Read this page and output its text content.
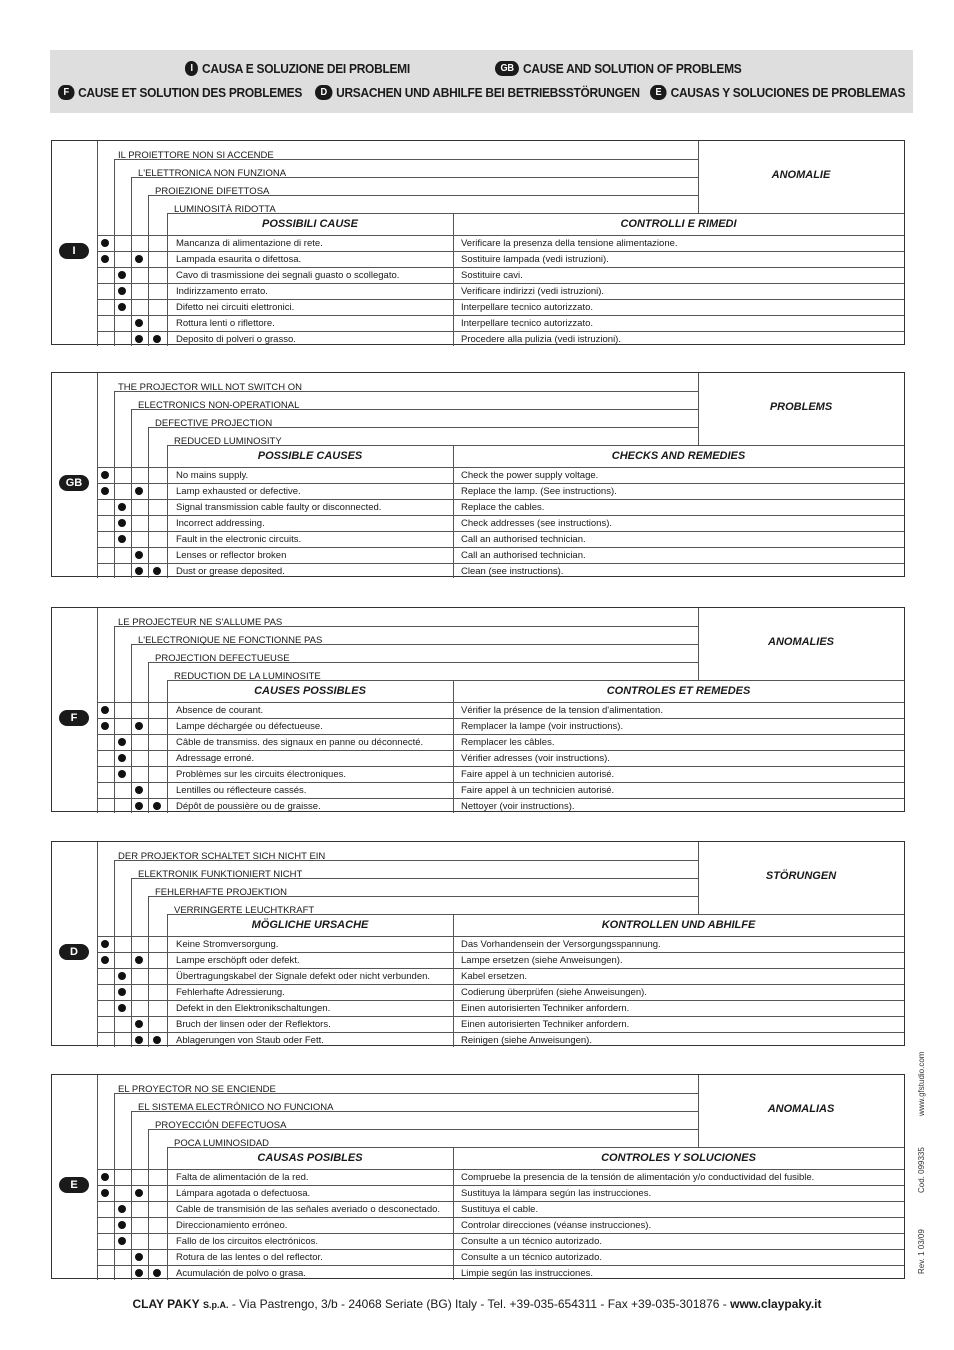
I CAUSA E SOLUZIONE DEI PROBLEMI	GB CAUSE AND SOLUTION OF PROBLEMS
F CAUSE ET SOLUTION DES PROBLEMES	D URSACHEN UND ABHILFE BEI BETRIEBSSTÖRUNGEN	E CAUSAS Y SOLUCIONES DE PROBLEMAS
I
IL PROIETTORE NON SI ACCENDE
L'ELETTRONICA NON FUNZIONA
PROIEZIONE DIFETTOSA
LUMINOSITÀ RIDOTTA
ANOMALIE
POSSIBILI CAUSE	CONTROLLI E RIMEDI
Mancanza di alimentazione di rete.	Verificare la presenza della tensione alimentazione.
Lampada esaurita o difettosa.	Sostituire lampada (vedi istruzioni).
Cavo di trasmissione dei segnali guasto o scollegato.	Sostituire cavi.
Indirizzamento errato.	Verificare indirizzi (vedi istruzioni).
Difetto nei circuiti elettronici.	Interpellare tecnico autorizzato.
Rottura lenti o riflettore.	Interpellare tecnico autorizzato.
Deposito di polveri o grasso.	Procedere alla pulizia (vedi istruzioni).
GB
THE PROJECTOR WILL NOT SWITCH ON
ELECTRONICS NON-OPERATIONAL
DEFECTIVE PROJECTION
REDUCED LUMINOSITY
PROBLEMS
POSSIBLE CAUSES	CHECKS AND REMEDIES
No mains supply.	Check the power supply voltage.
Lamp exhausted or defective.	Replace the lamp. (See instructions).
Signal transmission cable faulty or disconnected.	Replace the cables.
Incorrect addressing.	Check addresses (see instructions).
Fault in the electronic circuits.	Call an authorised technician.
Lenses or reflector broken	Call an authorised technician.
Dust or grease deposited.	Clean (see instructions).
F
LE PROJECTEUR NE S'ALLUME PAS
L'ELECTRONIQUE NE FONCTIONNE PAS
PROJECTION DEFECTUEUSE
REDUCTION DE LA LUMINOSITE
ANOMALIES
CAUSES POSSIBLES	CONTROLES ET REMEDES
Absence de courant.	Vérifier la présence de la tension d'alimentation.
Lampe déchargée ou défectueuse.	Remplacer la lampe (voir instructions).
Câble de transmiss. des signaux en panne ou déconnecté.	Remplacer les câbles.
Adressage erroné.	Vérifier adresses (voir instructions).
Problèmes sur les circuits électroniques.	Faire appel à un technicien autorisé.
Lentilles ou réflecteure cassés.	Faire appel à un technicien autorisé.
Dépôt de poussière ou de graisse.	Nettoyer (voir instructions).
D
DER PROJEKTOR SCHALTET SICH NICHT EIN
ELEKTRONIK FUNKTIONIERT NICHT
FEHLERHAFTE PROJEKTION
VERRINGERTE LEUCHTKRAFT
STÖRUNGEN
MÖGLICHE URSACHE	KONTROLLEN UND ABHILFE
Keine Stromversorgung.	Das Vorhandensein der Versorgungsspannung.
Lampe erschöpft oder defekt.	Lampe ersetzen (siehe Anweisungen).
Übertragungskabel der Signale defekt oder nicht verbunden.	Kabel ersetzen.
Fehlerhafte Adressierung.	Codierung überprüfen (siehe Anweisungen).
Defekt in den Elektronikschaltungen.	Einen autorisierten Techniker anfordern.
Bruch der linsen oder der Reflektors.	Einen autorisierten Techniker anfordern.
Ablagerungen von Staub oder Fett.	Reinigen (siehe Anweisungen).
E
EL PROYECTOR NO SE ENCIENDE
EL SISTEMA ELECTRÓNICO NO FUNCIONA
PROYECCIÓN DEFECTUOSA
POCA LUMINOSIDAD
ANOMALIAS
CAUSAS POSIBLES	CONTROLES Y SOLUCIONES
Falta de alimentación de la red.	Compruebe la presencia de la tensión de alimentación y/o conductividad del fusible.
Lámpara agotada o defectuosa.	Sustituya la lámpara según las instrucciones.
Cable de transmisión de las señales averiado o desconectado. Sustituya el cable.
Direccionamiento erróneo.	Controlar direcciones (véanse instrucciones).
Fallo de los circuitos electrónicos.	Consulte a un técnico autorizado.
Rotura de las lentes o del reflector.	Consulte a un técnico autorizado.
Acumulación de polvo o grasa.	Limpie según las instrucciones.
CLAY PAKY S.p.A. - Via Pastrengo, 3/b - 24068 Seriate (BG) Italy - Tel. +39-035-654311 - Fax +39-035-301876 - www.claypaky.it
www.gfstudio.com
Cod. 099335
Rev. 1 03/09
